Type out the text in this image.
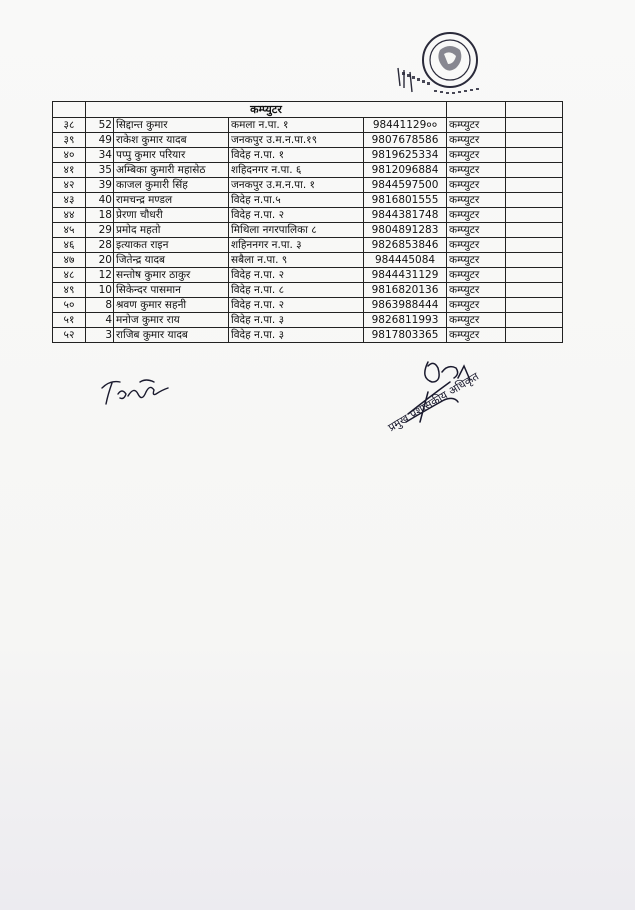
	कम्प्युटर					
३८	52	सिद्दान्त कुमार	कमला न.पा. १	98441129००	कम्प्युटर	
३९	49	राकेश कुमार यादब	जनकपुर उ.म.न.पा.१९	9807678586	कम्प्युटर	
४०	34	पप्पु कुमार परियार	विदेह न.पा. १	9819625334	कम्प्युटर	
४१	35	अम्बिका कुमारी महासेठ	शहिदनगर न.पा. ६	9812096884	कम्प्युटर	
४२	39	काजल कुमारी सिंह	जनकपुर उ.म.न.पा. १	9844597500	कम्प्युटर	
४३	40	रामचन्द्र मण्डल	विदेह न.पा.५	9816801555	कम्प्युटर	
४४	18	प्रेरणा चौधरी	विदेह न.पा. २	9844381748	कम्प्युटर	
४५	29	प्रमोद महतो	मिथिला नगरपालिका ८	9804891283	कम्प्युटर	
४६	28	इत्याकत राइन	शहिननगर न.पा. ३	9826853846	कम्प्युटर	
४७	20	जितेन्द्र यादब	सबैला न.पा. ९	984445084	कम्प्युटर	
४८	12	सन्तोष कुमार ठाकुर	विदेह न.पा. २	9844431129	कम्प्युटर	
४९	10	सिकेन्दर पासमान	विदेह न.पा. ८	9816820136	कम्प्युटर	
५०	8	श्रवण कुमार सहनी	विदेह न.पा. २	9863988444	कम्प्युटर	
५१	4	मनोज कुमार राय	विदेह न.पा. ३	9826811993	कम्प्युटर	
५२	3	राजिब कुमार यादब	विदेह न.पा. ३	9817803365	कम्प्युटर	
प्रमुख प्रशासकीय अधिकृत
